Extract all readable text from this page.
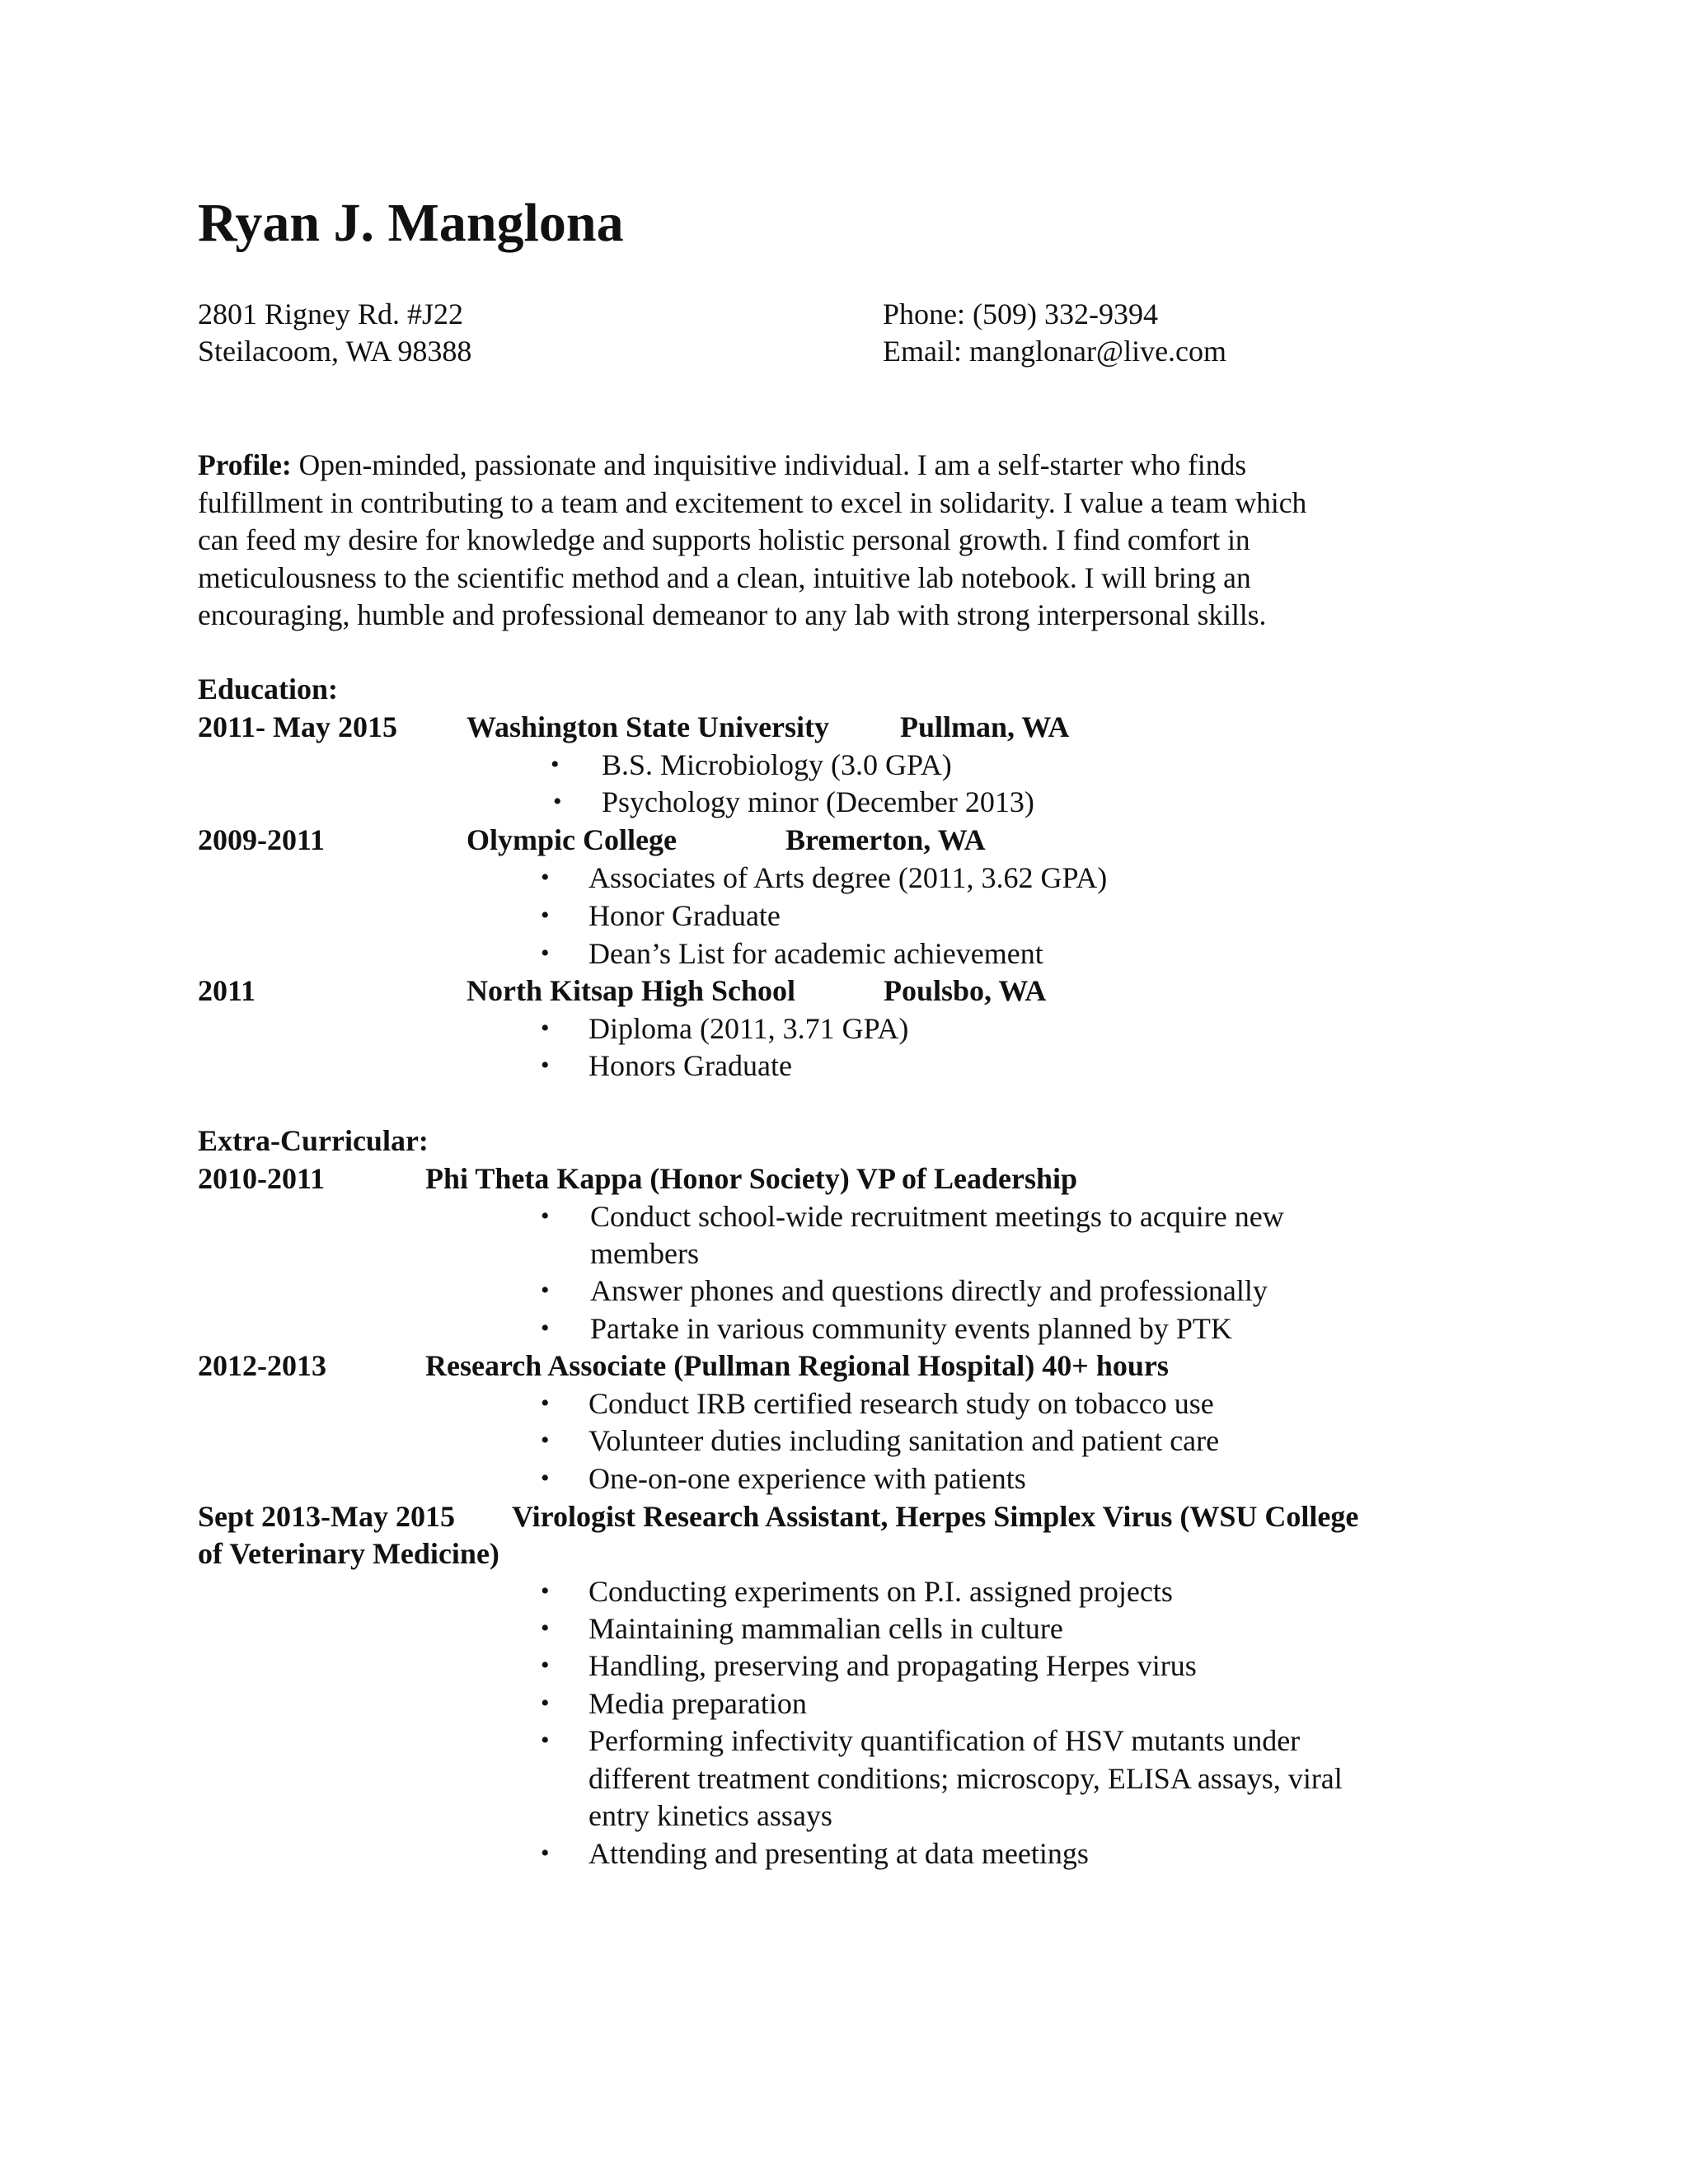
Ryan J. Manglona
2801 Rigney Rd. #J22
Steilacoom, WA 98388
Phone: (509) 332-9394
Email: manglonar@live.com
Profile: Open-minded, passionate and inquisitive individual. I am a self-starter who finds
fulfillment in contributing to a team and excitement to excel in solidarity. I value a team which
can feed my desire for knowledge and supports holistic personal growth. I find comfort in
meticulousness to the scientific method and a clean, intuitive lab notebook. I will bring an
encouraging, humble and professional demeanor to any lab with strong interpersonal skills.
Education:
2011- May 2015 Washington State University Pullman, WA
• B.S. Microbiology (3.0 GPA)
• Psychology minor (December 2013)
2009-2011	Olympic College	Bremerton, WA
• Associates of Arts degree (2011, 3.62 GPA)
• Honor Graduate
• Dean’s List for academic achievement
2011	North Kitsap High School	Poulsbo, WA
• Diploma (2011, 3.71 GPA)
• Honors Graduate
Extra-Curricular:
2010-2011	Phi Theta Kappa (Honor Society) VP of Leadership
• Conduct school-wide recruitment meetings to acquire new
members
• Answer phones and questions directly and professionally
• Partake in various community events planned by PTK
2012-2013	Research Associate (Pullman Regional Hospital) 40+ hours
• Conduct IRB certified research study on tobacco use
• Volunteer duties including sanitation and patient care
• One-on-one experience with patients
Sept 2013-May 2015 Virologist Research Assistant, Herpes Simplex Virus (WSU College
of Veterinary Medicine)
• Conducting experiments on P.I. assigned projects
• Maintaining mammalian cells in culture
• Handling, preserving and propagating Herpes virus
• Media preparation
• Performing infectivity quantification of HSV mutants under
different treatment conditions; microscopy, ELISA assays, viral
entry kinetics assays
• Attending and presenting at data meetings
